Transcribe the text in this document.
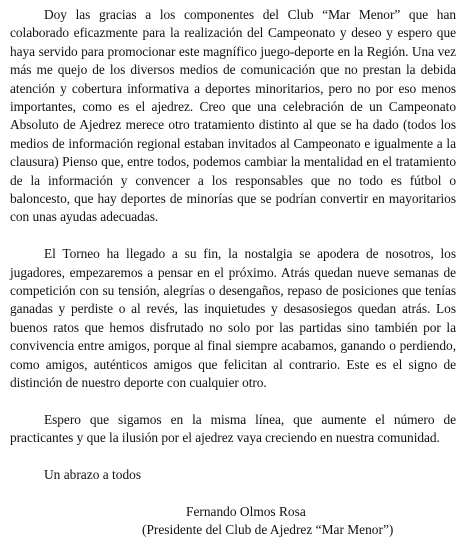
Doy las gracias a los componentes del Club “Mar Menor” que han colaborado eficazmente para la realización del Campeonato y deseo y espero que haya servido para promocionar este magnífico juego-deporte en la Región. Una vez más me quejo de los diversos medios de comunicación que no prestan la debida atención y cobertura informativa a deportes minoritarios, pero no por eso menos importantes, como es el ajedrez. Creo que una celebración de un Campeonato Absoluto de Ajedrez merece otro tratamiento distinto al que se ha dado (todos los medios de información regional estaban invitados al Campeonato e igualmente a la clausura) Pienso que, entre todos, podemos cambiar la mentalidad en el tratamiento de la información y convencer a los responsables que no todo es fútbol o baloncesto, que hay deportes de minorías que se podrían convertir en mayoritarios con unas ayudas adecuadas.

El Torneo ha llegado a su fin, la nostalgia se apodera de nosotros, los jugadores, empezaremos a pensar en el próximo. Atrás quedan nueve semanas de competición con su tensión, alegrías o desengaños, repaso de posiciones que tenías ganadas y perdiste o al revés, las inquietudes y desasosiegos quedan atrás. Los buenos ratos que hemos disfrutado no solo por las partidas sino también por la convivencia entre amigos, porque al final siempre acabamos, ganando o perdiendo, como amigos, auténticos amigos que felicitan al contrario. Este es el signo de distinción de nuestro deporte con cualquier otro.

Espero que sigamos en la misma línea, que aumente el número de practicantes y que la ilusión por el ajedrez vaya creciendo en nuestra comunidad.

Un abrazo a todos

Fernando Olmos Rosa
(Presidente del Club de Ajedrez “Mar Menor”)
